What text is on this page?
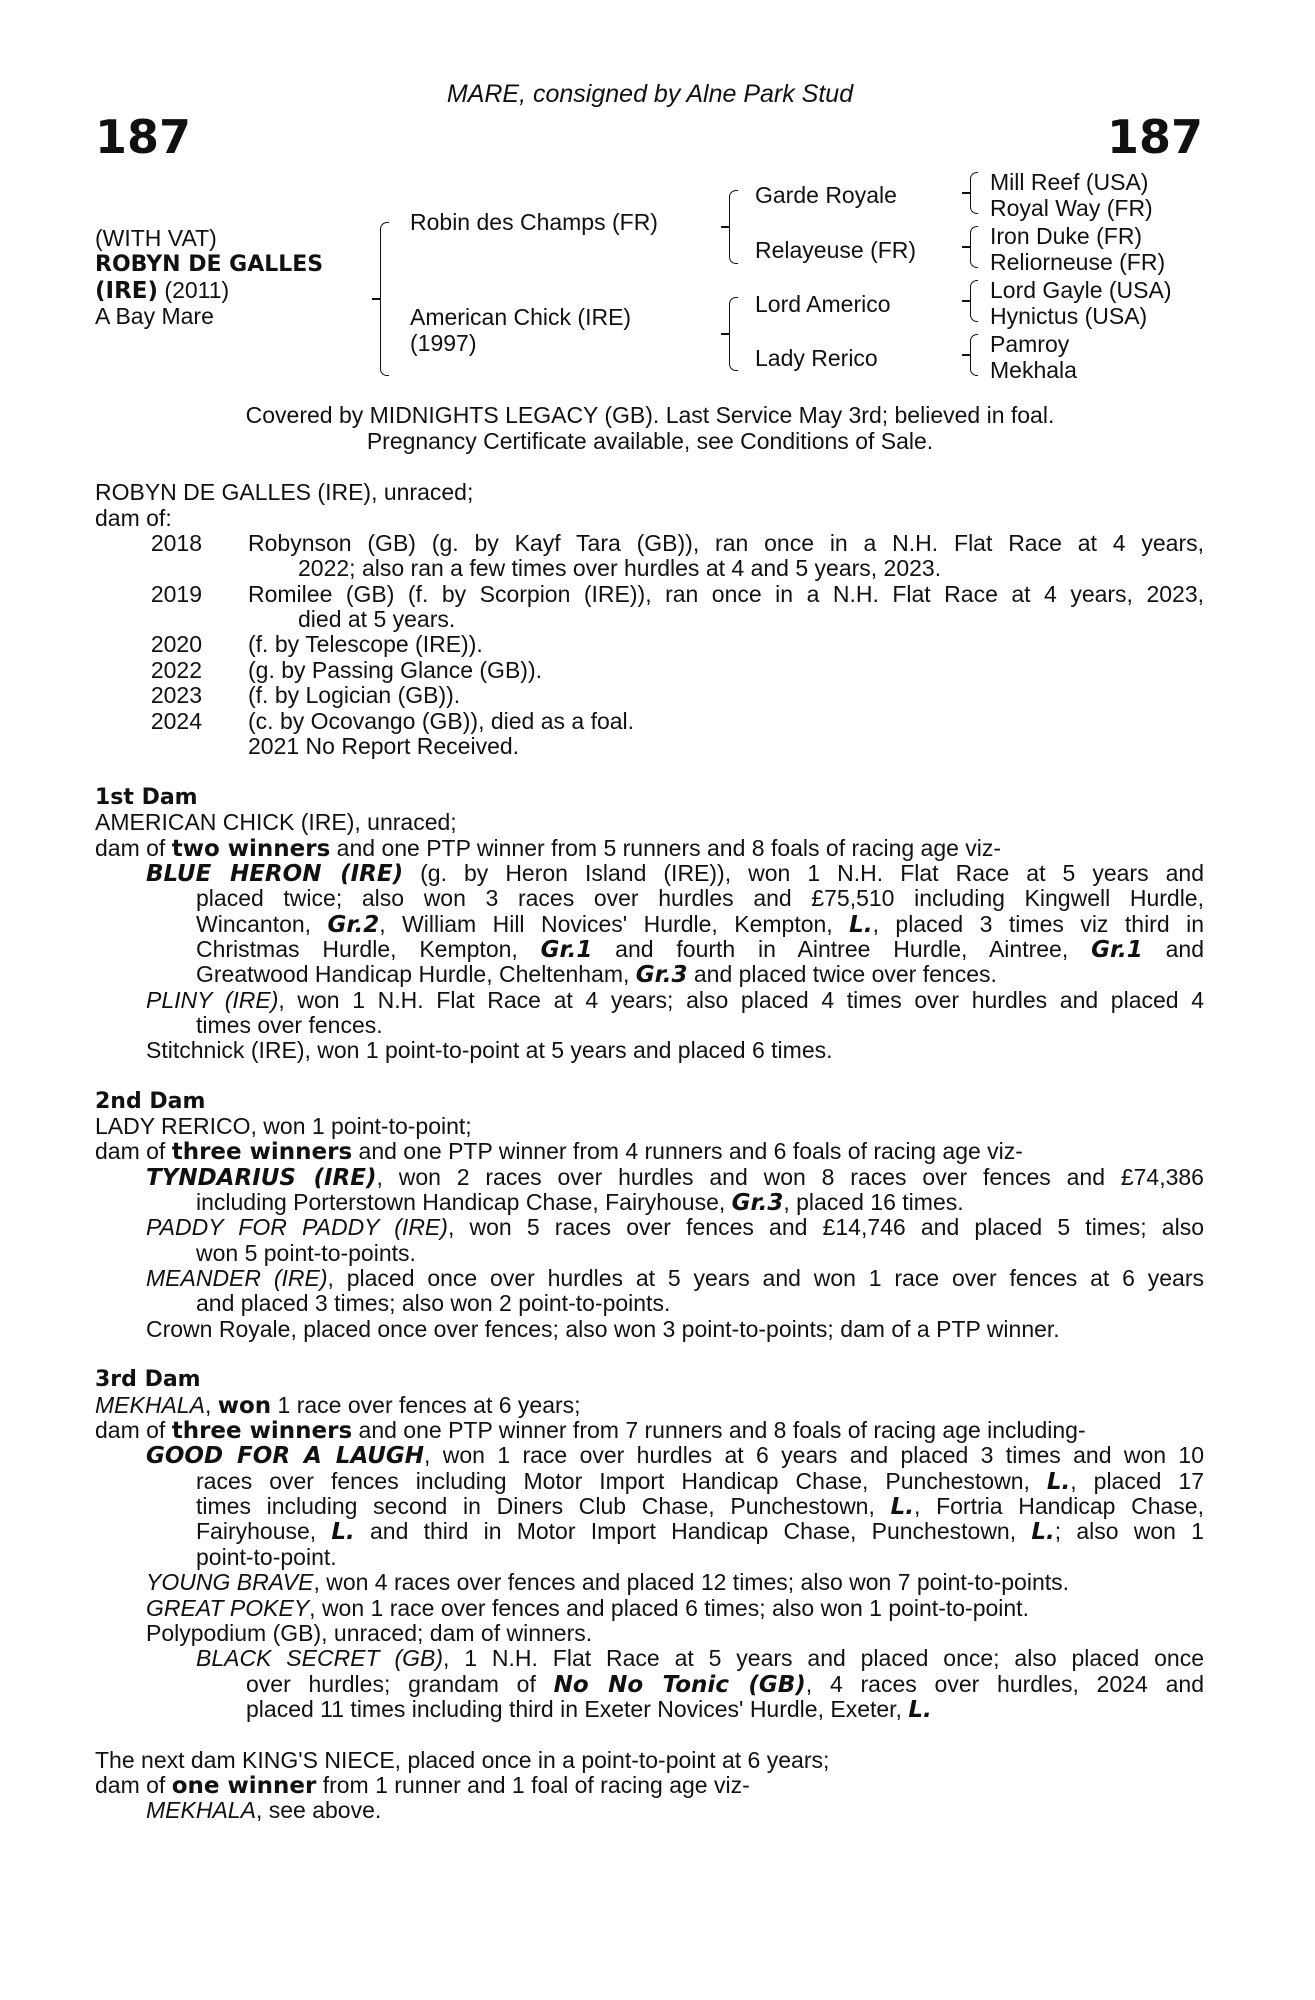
MARE, consigned by Alne Park Stud
187	187
(WITH VAT)
ROBYN DE GALLES
(IRE) (2011)
A Bay Mare
Robin des Champs (FR)
American Chick (IRE)
(1997)
Garde Royale
Relayeuse (FR)
Lord Americo
Lady Rerico
Mill Reef (USA)
Royal Way (FR)
Iron Duke (FR)
Reliorneuse (FR)
Lord Gayle (USA)
Hynictus (USA)
Pamroy
Mekhala
Covered by MIDNIGHTS LEGACY (GB). Last Service May 3rd; believed in foal.
Pregnancy Certificate available, see Conditions of Sale.
ROBYN DE GALLES (IRE), unraced;
dam of:
2018 Robynson (GB) (g. by Kayf Tara (GB)), ran once in a N.H. Flat Race at 4 years,

2022; also ran a few times over hurdles at 4 and 5 years, 2023.
2019 Romilee (GB) (f. by Scorpion (IRE)), ran once in a N.H. Flat Race at 4 years, 2023,

died at 5 years.
2020 (f. by Telescope (IRE)).
2022 (g. by Passing Glance (GB)).
2023 (f. by Logician (GB)).
2024 (c. by Ocovango (GB)), died as a foal.
2021 No Report Received.
1st Dam
AMERICAN CHICK (IRE), unraced;
dam of two winners and one PTP winner from 5 runners and 8 foals of racing age viz-

BLUE HERON (IRE) (g. by Heron Island (IRE)), won 1 N.H. Flat Race at 5 years and

placed twice; also won 3 races over hurdles and £75,510 including Kingwell Hurdle,

Wincanton, Gr.2, William Hill Novices' Hurdle, Kempton, L., placed 3 times viz third in

Christmas Hurdle, Kempton, Gr.1 and fourth in Aintree Hurdle, Aintree, Gr.1 and

Greatwood Handicap Hurdle, Cheltenham, Gr.3 and placed twice over fences.

PLINY (IRE), won 1 N.H. Flat Race at 4 years; also placed 4 times over hurdles and placed 4

times over fences.
Stitchnick (IRE), won 1 point-to-point at 5 years and placed 6 times.
2nd Dam
LADY RERICO, won 1 point-to-point;
dam of three winners and one PTP winner from 4 runners and 6 foals of racing age viz-

TYNDARIUS (IRE), won 2 races over hurdles and won 8 races over fences and £74,386

including Porterstown Handicap Chase, Fairyhouse, Gr.3, placed 16 times.

PADDY FOR PADDY (IRE), won 5 races over fences and £14,746 and placed 5 times; also

won 5 point-to-points.

MEANDER (IRE), placed once over hurdles at 5 years and won 1 race over fences at 6 years

and placed 3 times; also won 2 point-to-points.
Crown Royale, placed once over fences; also won 3 point-to-points; dam of a PTP winner.
3rd Dam
MEKHALA, won 1 race over fences at 6 years;
dam of three winners and one PTP winner from 7 runners and 8 foals of racing age including-

GOOD FOR A LAUGH, won 1 race over hurdles at 6 years and placed 3 times and won 10

races over fences including Motor Import Handicap Chase, Punchestown, L., placed 17

times including second in Diners Club Chase, Punchestown, L., Fortria Handicap Chase,

Fairyhouse, L. and third in Motor Import Handicap Chase, Punchestown, L.; also won 1

point-to-point.

YOUNG BRAVE, won 4 races over fences and placed 12 times; also won 7 point-to-points.

GREAT POKEY, won 1 race over fences and placed 6 times; also won 1 point-to-point.

Polypodium (GB), unraced; dam of winners.

BLACK SECRET (GB), 1 N.H. Flat Race at 5 years and placed once; also placed once

over hurdles; grandam of No No Tonic (GB), 4 races over hurdles, 2024 and

placed 11 times including third in Exeter Novices' Hurdle, Exeter, L.

The next dam KING'S NIECE, placed once in a point-to-point at 6 years;
dam of one winner from 1 runner and 1 foal of racing age viz-

MEKHALA, see above.
